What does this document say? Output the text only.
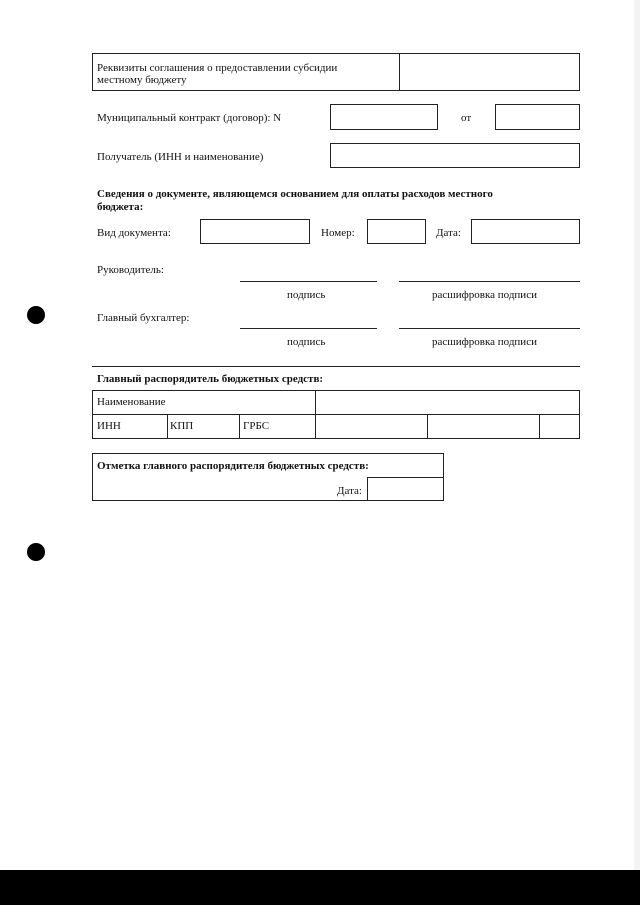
Реквизиты соглашения о предоставлении субсидии
местному бюджету
Муниципальный контракт (договор): N	от
Получатель (ИНН и наименование)
Сведения о документе, являющемся основанием для оплаты расходов местного
бюджета:
Вид документа:	Номер:	Дата:
Руководитель:
подпись	расшифровка подписи
Главный бухгалтер:
подпись	расшифровка подписи
Главный распорядитель бюджетных средств:
Наименование
ИНН	КПП	ГРБС
Отметка главного распорядителя бюджетных средств:
Дата:
